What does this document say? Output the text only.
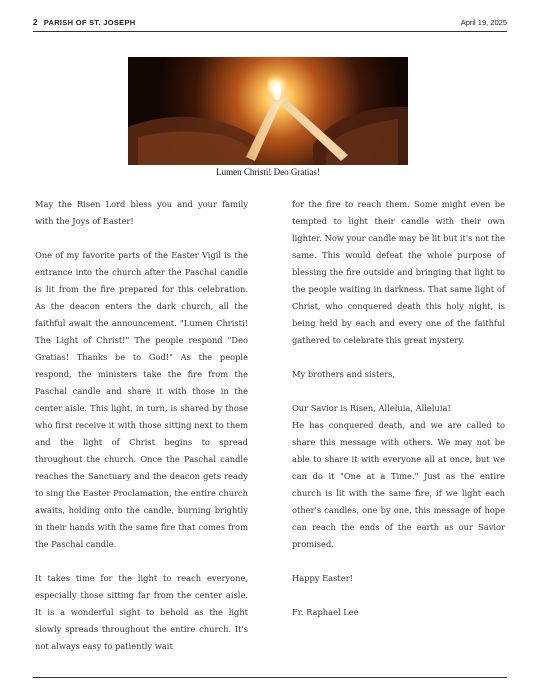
2 PARISH OF ST. JOSEPH	April 19, 2025
Lumen Christi! Deo Gratias!

May the Risen Lord bless you and your family with the Joys of Easter!

One of my favorite parts of the Easter Vigil is the entrance into the church after the Paschal candle is lit from the fire prepared for this celebration. As the deacon enters the dark church, all the faithful await the announcement. "Lumen Christi! The Light of Christ!" The people respond "Deo Gratias! Thanks be to God!" As the people respond, the ministers take the fire from the Paschal candle and share it with those in the center aisle. This light, in turn, is shared by those who first receive it with those sitting next to them and the light of Christ begins to spread throughout the church. Once the Paschal candle reaches the Sanctuary and the deacon gets ready to sing the Easter Proclamation, the entire church awaits, holding onto the candle, burning brightly in their hands with the same fire that comes from the Paschal candle.

It takes time for the light to reach everyone, especially those sitting far from the center aisle. It is a wonderful sight to behold as the light slowly spreads throughout the entire church. It's not always easy to patiently wait

for the fire to reach them. Some might even be tempted to light their candle with their own lighter. Now your candle may be lit but it's not the same. This would defeat the whole purpose of blessing the fire outside and bringing that light to the people waiting in darkness. That same light of Christ, who conquered death this holy night, is being held by each and every one of the faithful gathered to celebrate this great mystery.

My brothers and sisters,

Our Savior is Risen, Alleluia, Alleluia!

He has conquered death, and we are called to share this message with others. We may not be able to share it with everyone all at once, but we can do it "One at a Time." Just as the entire church is lit with the same fire, if we light each other's candles, one by one, this message of hope can reach the ends of the earth as our Savior promised.

Happy Easter!

Fr. Raphael Lee
